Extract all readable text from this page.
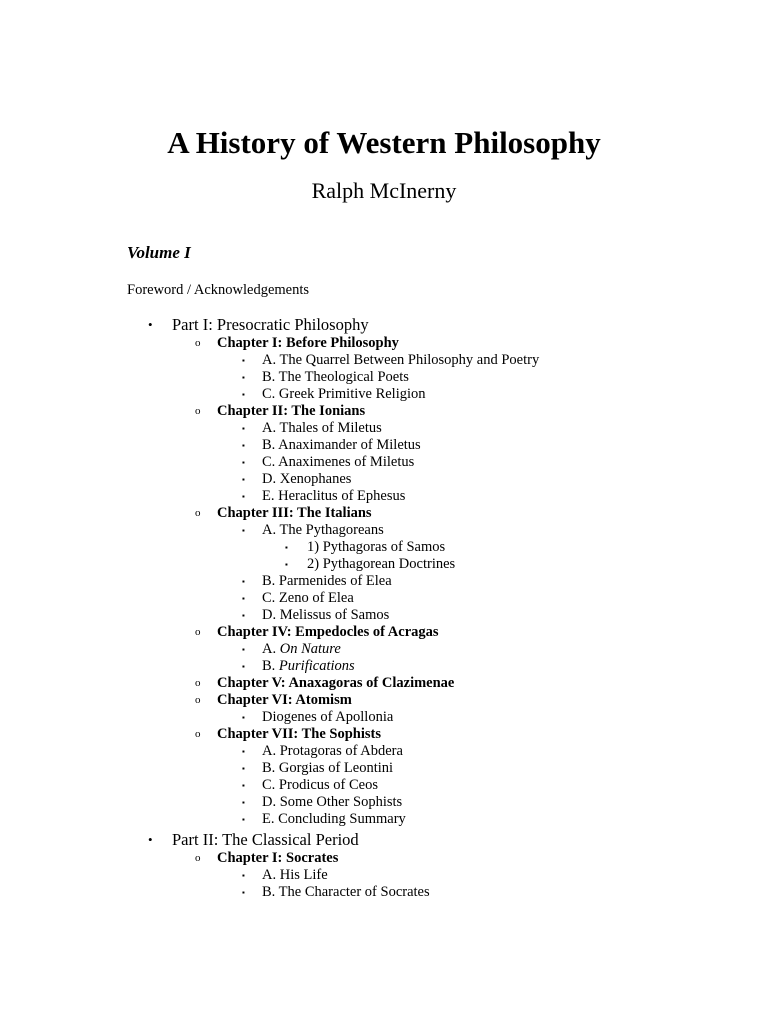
A History of Western Philosophy

Ralph McInerny

Volume I

Foreword / Acknowledgements

• Part I: Presocratic Philosophy
o Chapter I: Before Philosophy
▪ A. The Quarrel Between Philosophy and Poetry
▪ B. The Theological Poets
▪ C. Greek Primitive Religion
o Chapter II: The Ionians
▪ A. Thales of Miletus
▪ B. Anaximander of Miletus
▪ C. Anaximenes of Miletus
▪ D. Xenophanes
▪ E. Heraclitus of Ephesus
o Chapter III: The Italians
▪ A. The Pythagoreans
▪ 1) Pythagoras of Samos
▪ 2) Pythagorean Doctrines
▪ B. Parmenides of Elea
▪ C. Zeno of Elea
▪ D. Melissus of Samos
o Chapter IV: Empedocles of Acragas
▪ A. On Nature
▪ B. Purifications
o Chapter V: Anaxagoras of Clazimenae
o Chapter VI: Atomism
▪ Diogenes of Apollonia
o Chapter VII: The Sophists
▪ A. Protagoras of Abdera
▪ B. Gorgias of Leontini
▪ C. Prodicus of Ceos
▪ D. Some Other Sophists
▪ E. Concluding Summary
• Part II: The Classical Period
o Chapter I: Socrates
▪ A. His Life
▪ B. The Character of Socrates
